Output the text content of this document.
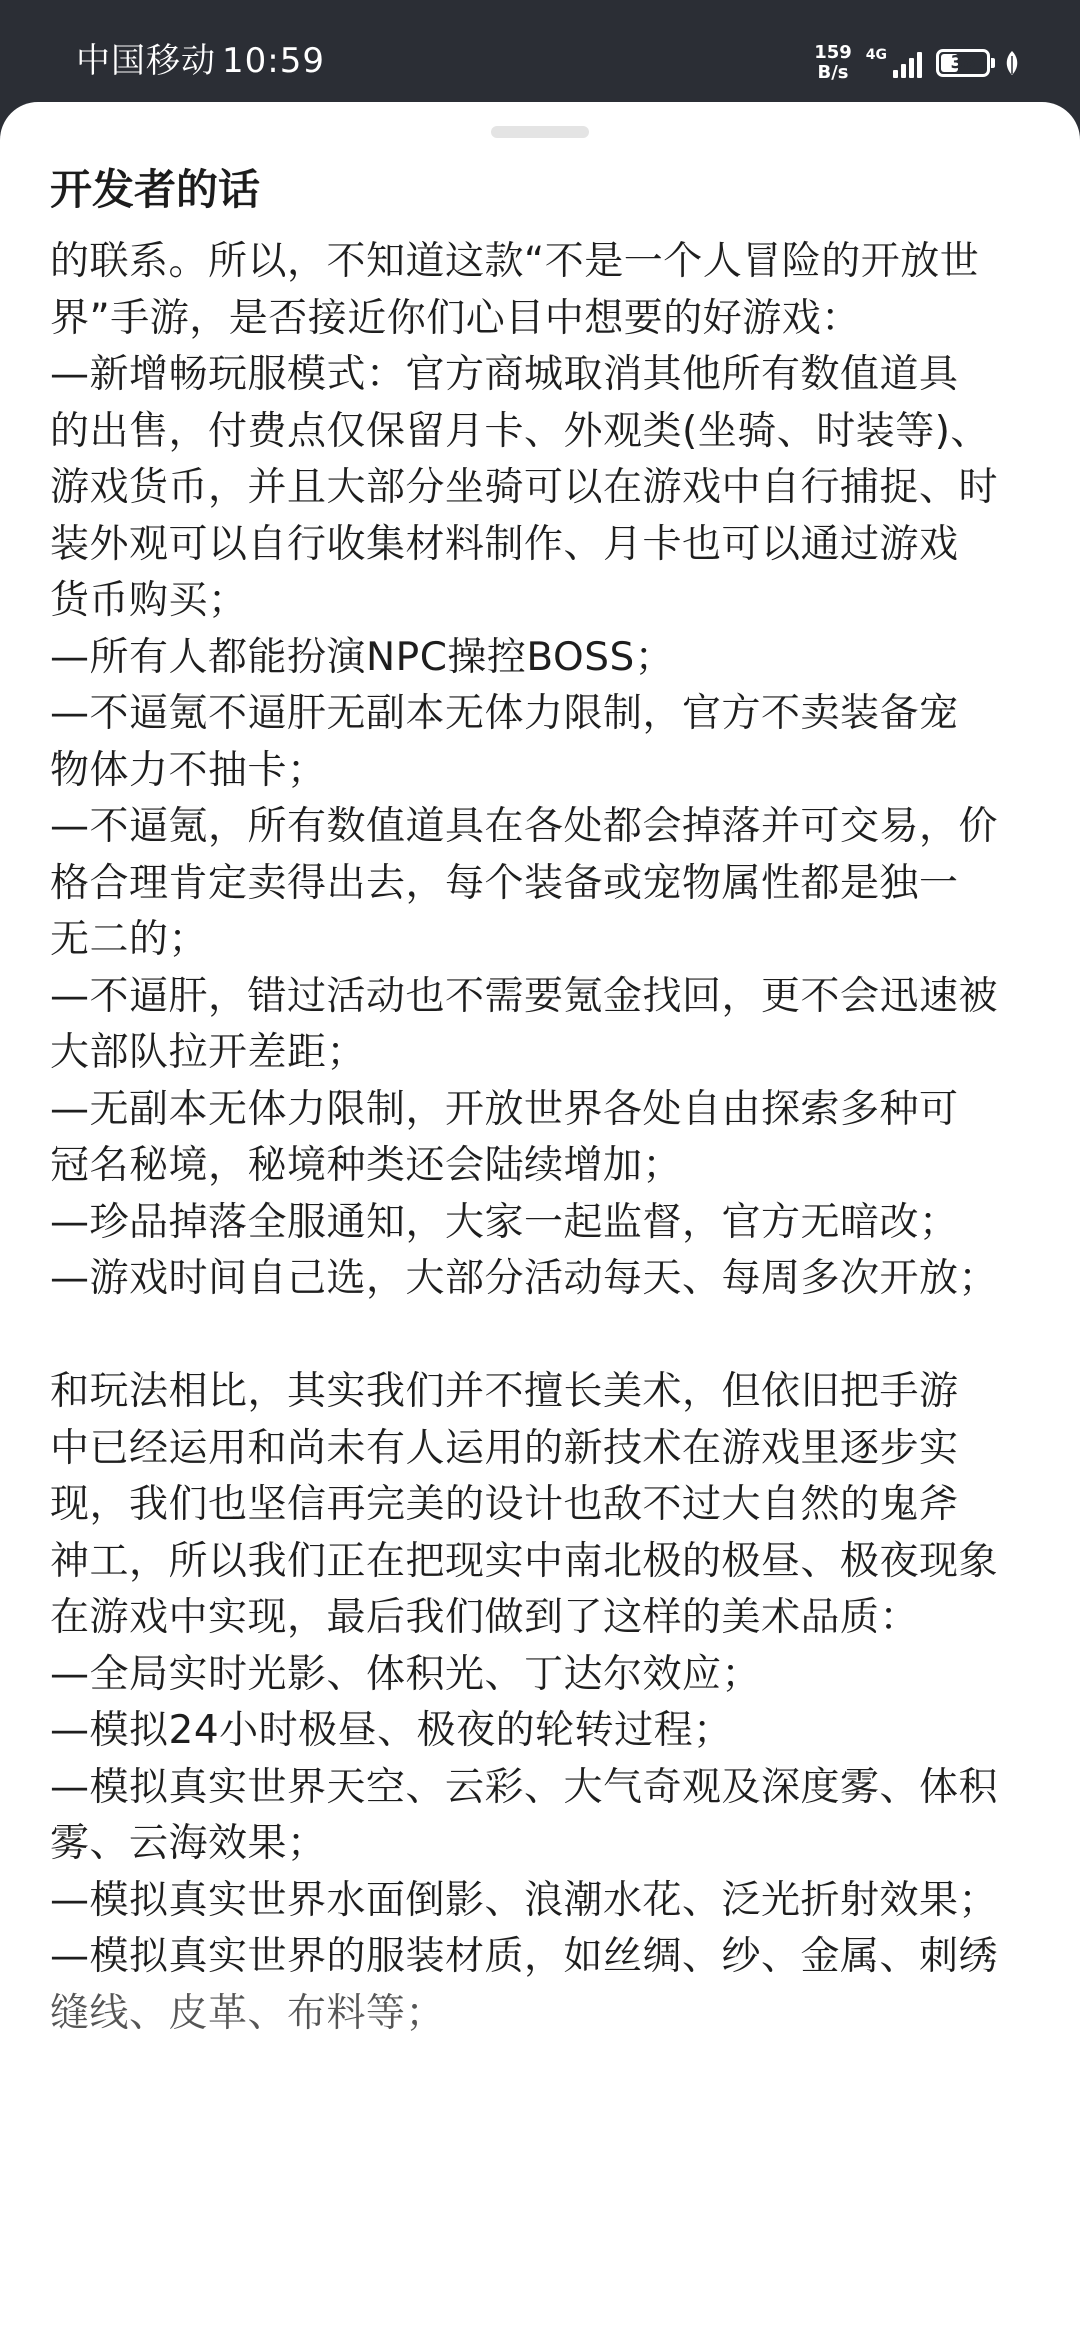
中国移动 10:59	159
B/s
4G	38
开发者的话
的联系。所以，不知道这款“不是一个人冒险的开放世
界”手游，是否接近你们心目中想要的好游戏：
—新增畅玩服模式：官方商城取消其他所有数值道具
的出售，付费点仅保留月卡、外观类(坐骑、时装等)、
游戏货币，并且大部分坐骑可以在游戏中自行捕捉、时
装外观可以自行收集材料制作、月卡也可以通过游戏
货币购买；
—所有人都能扮演NPC操控BOSS；
—不逼氪不逼肝无副本无体力限制，官方不卖装备宠
物体力不抽卡；
—不逼氪，所有数值道具在各处都会掉落并可交易，价
格合理肯定卖得出去，每个装备或宠物属性都是独一
无二的；
—不逼肝，错过活动也不需要氪金找回，更不会迅速被
大部队拉开差距；
—无副本无体力限制，开放世界各处自由探索多种可
冠名秘境，秘境种类还会陆续增加；
—珍品掉落全服通知，大家一起监督，官方无暗改；
—游戏时间自己选，大部分活动每天、每周多次开放；

和玩法相比，其实我们并不擅长美术，但依旧把手游
中已经运用和尚未有人运用的新技术在游戏里逐步实
现，我们也坚信再完美的设计也敌不过大自然的鬼斧
神工，所以我们正在把现实中南北极的极昼、极夜现象
在游戏中实现，最后我们做到了这样的美术品质：
—全局实时光影、体积光、丁达尔效应；
—模拟24小时极昼、极夜的轮转过程；
—模拟真实世界天空、云彩、大气奇观及深度雾、体积
雾、云海效果；
—模拟真实世界水面倒影、浪潮水花、泛光折射效果；
—模拟真实世界的服装材质，如丝绸、纱、金属、刺绣
缝线、皮革、布料等；
